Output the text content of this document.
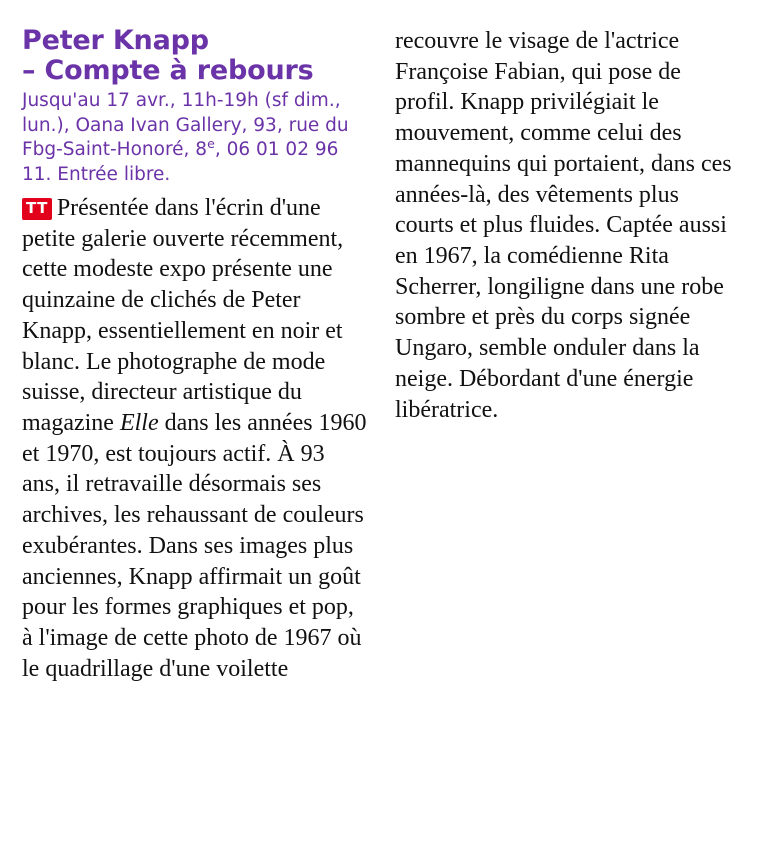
Peter Knapp
– Compte à rebours
Jusqu'au 17 avr., 11h-19h (sf dim., lun.), Oana Ivan Gallery, 93, rue du Fbg-Saint-Honoré, 8e, 06 01 02 96 11. Entrée libre.

TT Présentée dans l'écrin d'une petite galerie ouverte récemment, cette modeste expo présente une quinzaine de clichés de Peter Knapp, essentiellement en noir et blanc. Le photographe de mode suisse, directeur artistique du magazine Elle dans les années 1960 et 1970, est toujours actif. À 93 ans, il retravaille désormais ses archives, les rehaussant de couleurs exubérantes. Dans ses images plus anciennes, Knapp affirmait un goût pour les formes graphiques et pop, à l'image de cette photo de 1967 où le quadrillage d'une voilette

recouvre le visage de l'actrice Françoise Fabian, qui pose de profil. Knapp privilégiait le mouvement, comme celui des mannequins qui portaient, dans ces années-là, des vêtements plus courts et plus fluides. Captée aussi en 1967, la comédienne Rita Scherrer, longiligne dans une robe sombre et près du corps signée Ungaro, semble onduler dans la neige. Débordant d'une énergie libératrice.
